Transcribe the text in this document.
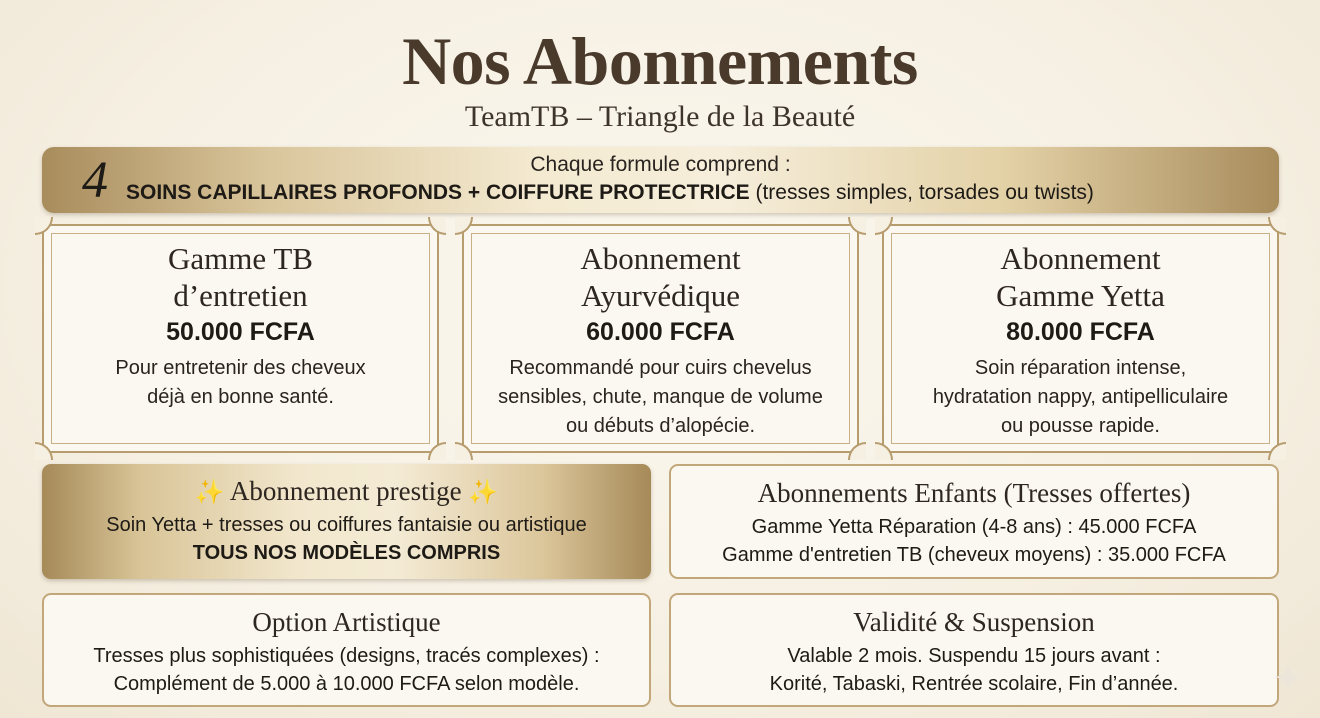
Nos Abonnements
TeamTB – Triangle de la Beauté
Chaque formule comprend :
4 SOINS CAPILLAIRES PROFONDS + COIFFURE PROTECTRICE (tresses simples, torsades ou twists)
Gamme TB
d’entretien
50.000 FCFA
Pour entretenir des cheveux
déjà en bonne santé.
Abonnement
Ayurvédique
60.000 FCFA
Recommandé pour cuirs chevelus
sensibles, chute, manque de volume
ou débuts d’alopécie.
Abonnement
Gamme Yetta
80.000 FCFA
Soin réparation intense,
hydratation nappy, antipelliculaire
ou pousse rapide.
✨ Abonnement prestige ✨
Soin Yetta + tresses ou coiffures fantaisie ou artistique
TOUS NOS MODÈLES COMPRIS
Abonnements Enfants (Tresses offertes)
Gamme Yetta Réparation (4-8 ans) : 45.000 FCFA
Gamme d'entretien TB (cheveux moyens) : 35.000 FCFA
Option Artistique
Tresses plus sophistiquées (designs, tracés complexes) :
Complément de 5.000 à 10.000 FCFA selon modèle.
Validité & Suspension
Valable 2 mois. Suspendu 15 jours avant :
Korité, Tabaski, Rentrée scolaire, Fin d’année.	✦
